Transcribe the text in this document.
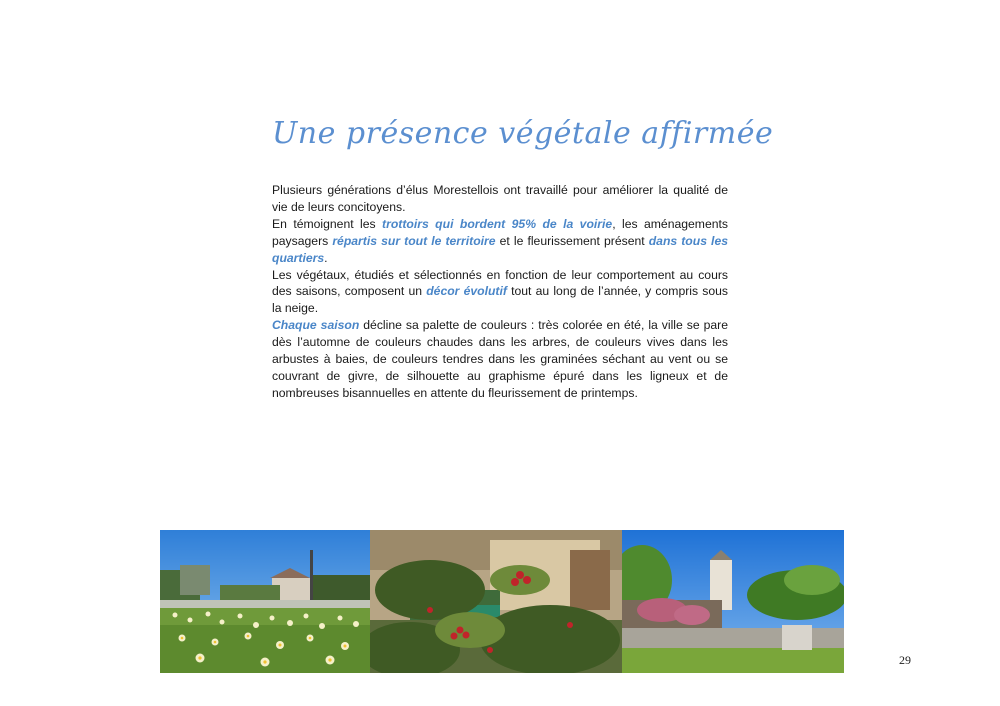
Une présence végétale affirmée

Plusieurs générations d’élus Morestellois ont travaillé pour améliorer la qualité de vie de leurs concitoyens.

En témoignent les trottoirs qui bordent 95% de la voirie, les aménagements paysagers répartis sur tout le territoire et le fleurissement présent dans tous les quartiers.

Les végétaux, étudiés et sélectionnés en fonction de leur comportement au cours des saisons, composent un décor évolutif tout au long de l’année, y compris sous la neige.

Chaque saison décline sa palette de couleurs : très colorée en été, la ville se pare dès l’automne de couleurs chaudes dans les arbres, de couleurs vives dans les arbustes à baies, de couleurs tendres dans les graminées séchant au vent ou se couvrant de givre, de silhouette au graphisme épuré dans les ligneux et de nombreuses bisannuelles en attente du fleurissement de printemps.

29
